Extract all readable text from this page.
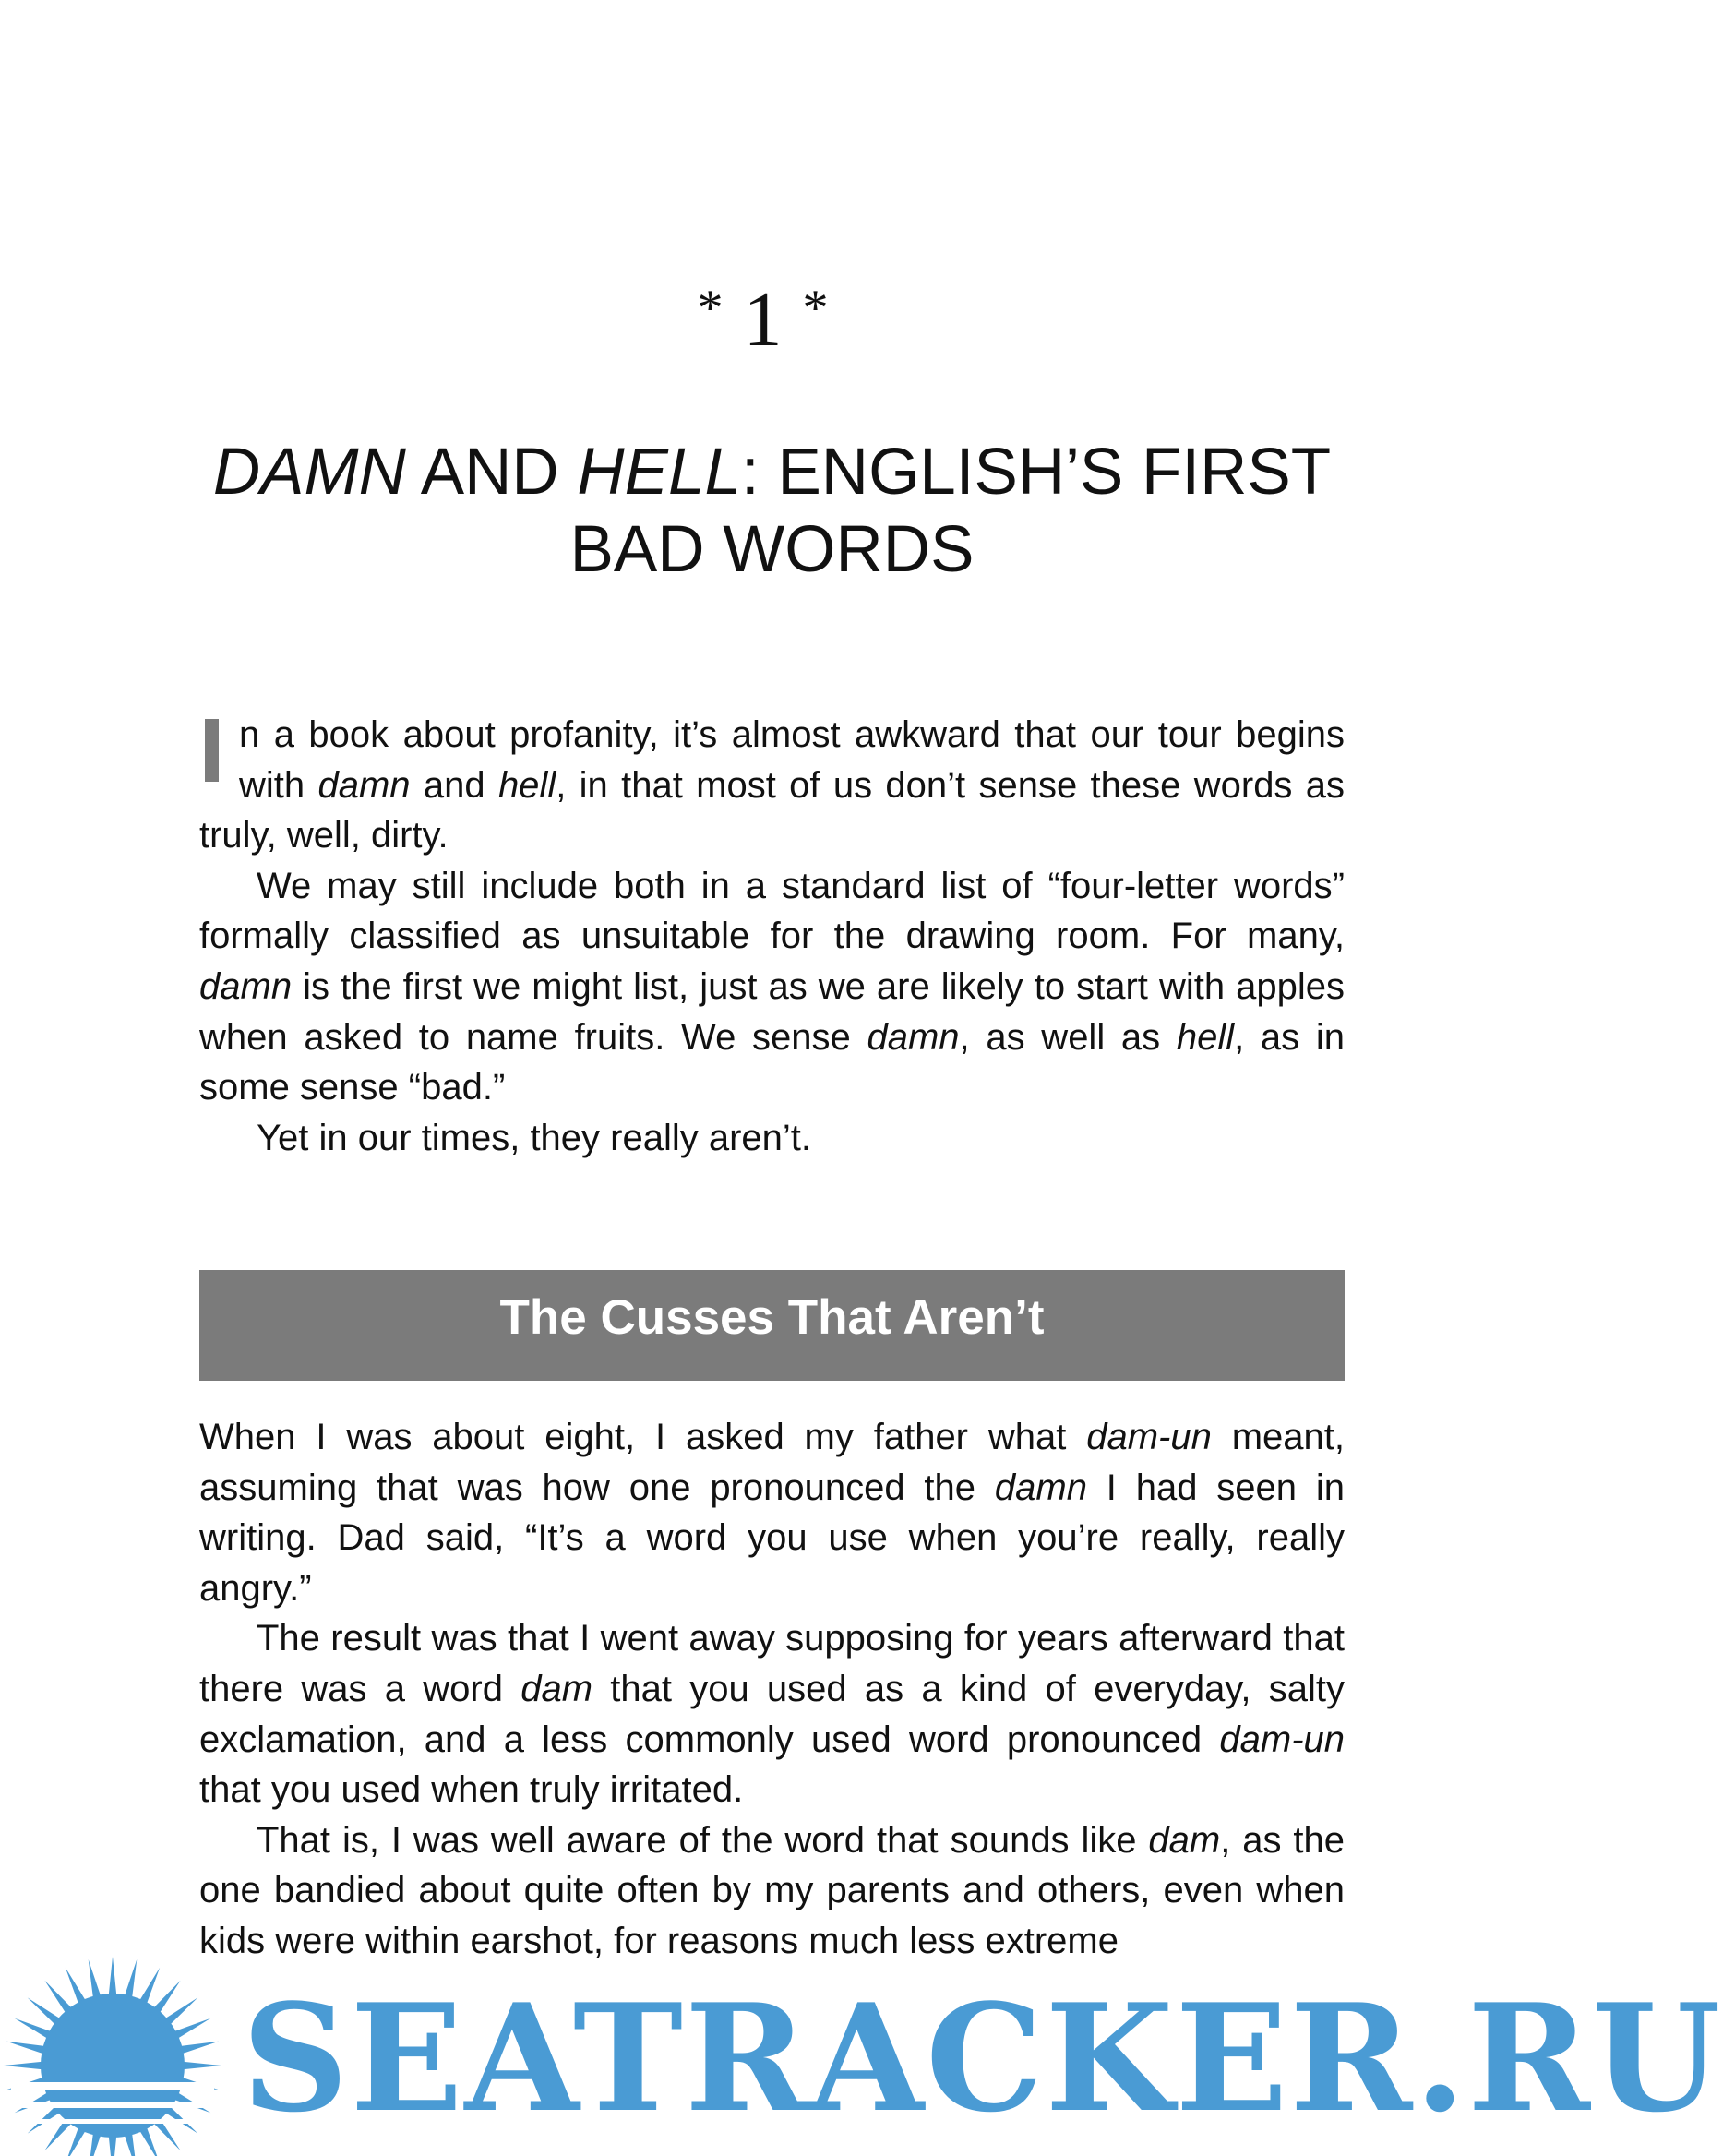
* 1 *
DAMN AND HELL: ENGLISH’S FIRST
BAD WORDS

n a book about profanity, it’s almost awkward that our tour begins with damn and hell, in that most of us don’t sense these words as truly, well, dirty.

We may still include both in a standard list of “four-letter words” formally classified as unsuitable for the drawing room. For many, damn is the first we might list, just as we are likely to start with apples when asked to name fruits. We sense damn, as well as hell, as in some sense “bad.”

Yet in our times, they really aren’t.

The Cusses That Aren’t

When I was about eight, I asked my father what dam-un meant, assuming that was how one pronounced the damn I had seen in writing. Dad said, “It’s a word you use when you’re really, really angry.”

The result was that I went away supposing for years afterward that there was a word dam that you used as a kind of everyday, salty exclamation, and a less commonly used word pronounced dam-un that you used when truly irritated.

That is, I was well aware of the word that sounds like dam, as the one bandied about quite often by my parents and others, even when kids were within earshot, for reasons much less extreme

SEATRACKER.RU
